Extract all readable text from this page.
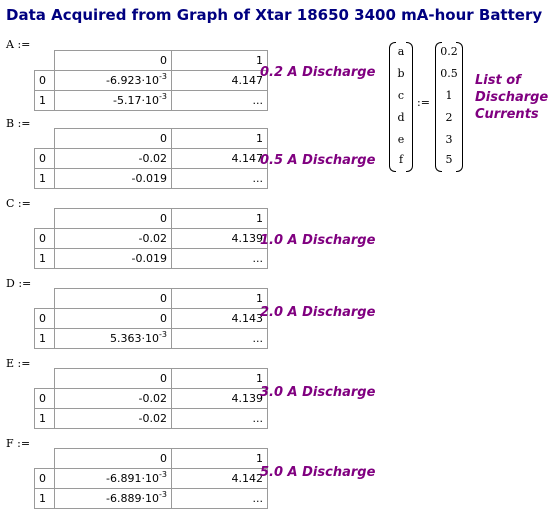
Data Acquired from Graph of Xtar 18650 3400 mA-hour Battery
A :=
	0	1
0	$-6.923\cdot 10^{-3}$	4.147
1	$-5.17\cdot 10^{-3}$	...
0.2 A Discharge
B :=
	0	1
0	-0.02	4.147
1	-0.019	...
0.5 A Discharge
C :=
	0	1
0	-0.02	4.139
1	-0.019	...
1.0 A Discharge
D :=
	0	1
0	0	4.143
1	$5.363\cdot 10^{-3}$	...
2.0 A Discharge
E :=
	0	1
0	-0.02	4.139
1	-0.02	...
3.0 A Discharge
F :=
	0	1
0	$-6.891\cdot 10^{-3}$	4.142
1	$-6.889\cdot 10^{-3}$	...
5.0 A Discharge
a
b
c
d
e
f
:=
0.2
0.5
1
2
3
5
List of
Discharge
Currents
